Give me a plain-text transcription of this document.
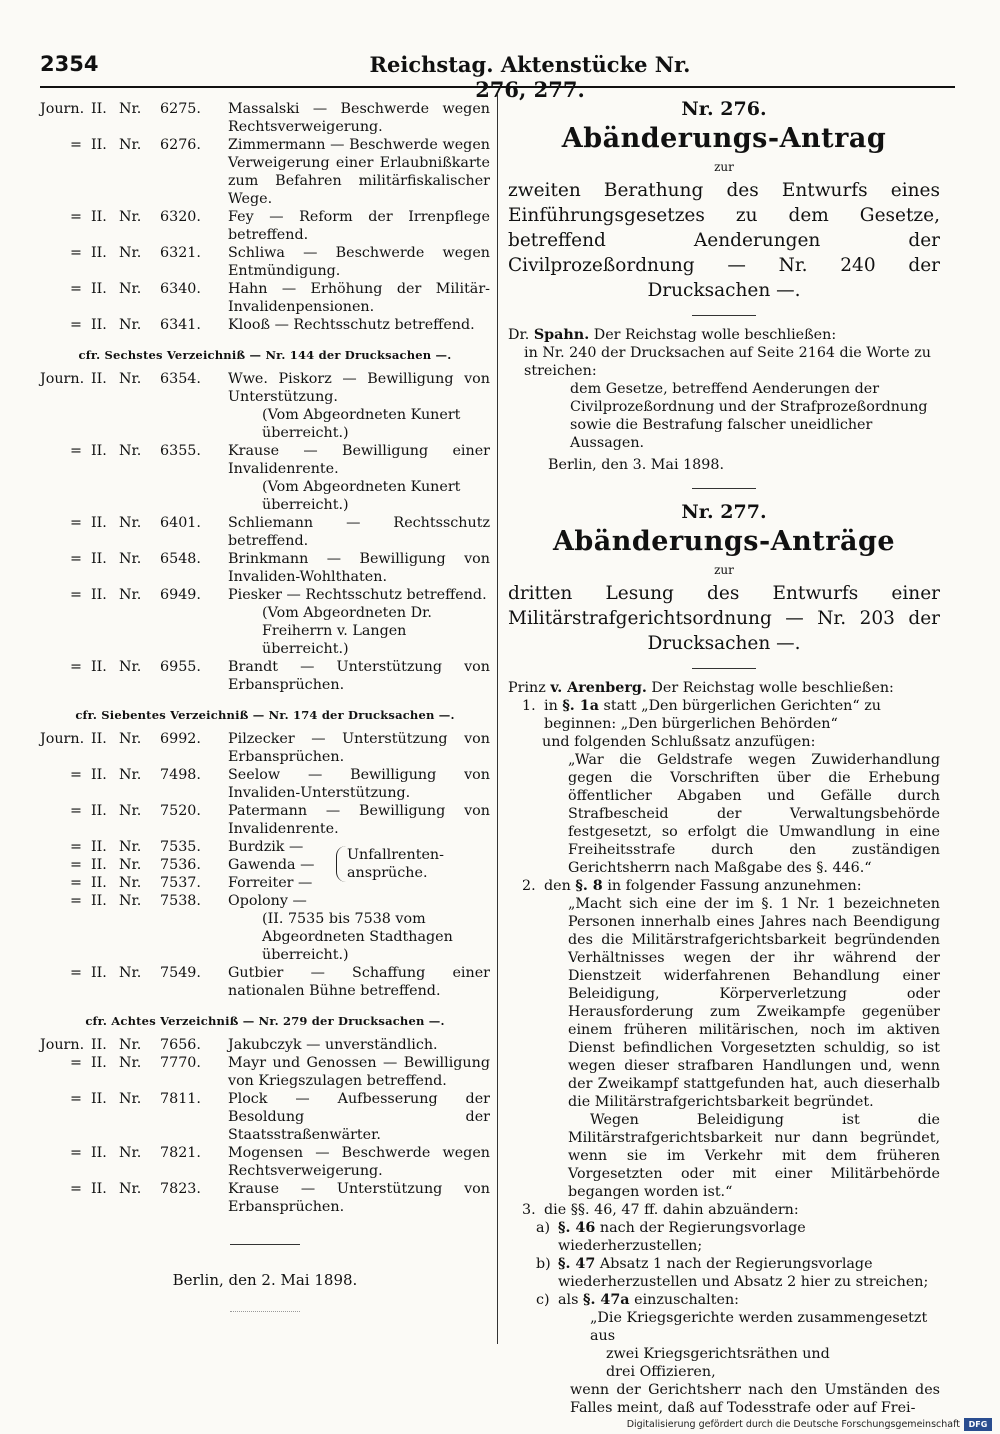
2354	Reichstag. Aktenstücke Nr. 276, 277.
Journ. II. Nr.	6275.	Massalski — Beschwerde wegen Rechtsverweigerung.
= II. Nr.	6276.	Zimmermann — Beschwerde wegen Verweigerung einer Erlaubnißkarte zum Befahren militärfiskalischer Wege.
= II. Nr.	6320.	Fey — Reform der Irrenpflege betreffend.
= II. Nr.	6321.	Schliwa — Beschwerde wegen Entmündigung.
= II. Nr.	6340.	Hahn — Erhöhung der Militär-Invalidenpensionen.
= II. Nr.	6341.	Klooß — Rechtsschutz betreffend.
cfr. Sechstes Verzeichniß — Nr. 144 der Drucksachen —.
Journ. II. Nr.	6354.	Wwe. Piskorz — Bewilligung von Unterstützung.
(Vom Abgeordneten Kunert überreicht.)
= II. Nr.	6355.	Krause — Bewilligung einer Invalidenrente.
(Vom Abgeordneten Kunert überreicht.)
= II. Nr.	6401.	Schliemann — Rechtsschutz betreffend.
= II. Nr.	6548.	Brinkmann — Bewilligung von Invaliden-Wohlthaten.
= II. Nr.	6949.	Piesker — Rechtsschutz betreffend.
(Vom Abgeordneten Dr. Freiherrn v. Langen überreicht.)
= II. Nr.	6955.	Brandt — Unterstützung von Erbansprüchen.
cfr. Siebentes Verzeichniß — Nr. 174 der Drucksachen —.
Journ. II. Nr.	6992.	Pilzecker — Unterstützung von Erbansprüchen.
= II. Nr.	7498.	Seelow — Bewilligung von Invaliden-Unterstützung.
= II. Nr.	7520.	Patermann — Bewilligung von Invalidenrente.
= II. Nr.	7535.	Burdzik —
= II. Nr.	7536.	Gawenda —
= II. Nr.	7537.	Forreiter —
= II. Nr.	7538.	Opolony —
Unfallrenten-ansprüche.
(II. 7535 bis 7538 vom Abgeordneten Stadthagen überreicht.)
= II. Nr.	7549.	Gutbier — Schaffung einer nationalen Bühne betreffend.
cfr. Achtes Verzeichniß — Nr. 279 der Drucksachen —.
Journ. II. Nr.	7656.	Jakubczyk — unverständlich.
= II. Nr.	7770.	Mayr und Genossen — Bewilligung von Kriegszulagen betreffend.
= II. Nr.	7811.	Plock — Aufbesserung der Besoldung der Staatsstraßenwärter.
= II. Nr.	7821.	Mogensen — Beschwerde wegen Rechtsverweigerung.
= II. Nr.	7823.	Krause — Unterstützung von Erbansprüchen.
Berlin, den 2. Mai 1898.
Nr. 276.
Abänderungs-Antrag
zur
zweiten Berathung des Entwurfs eines Einführungsgesetzes zu dem Gesetze, betreffend Aenderungen der Civilprozeßordnung — Nr. 240 der Drucksachen —.
Dr. Spahn. Der Reichstag wolle beschließen:
in Nr. 240 der Drucksachen auf Seite 2164 die Worte zu streichen:
dem Gesetze, betreffend Aenderungen der Civilprozeßordnung und der Strafprozeßordnung sowie die Bestrafung falscher uneidlicher Aussagen.
Berlin, den 3. Mai 1898.
Nr. 277.
Abänderungs-Anträge
zur
dritten Lesung des Entwurfs einer Militärstrafgerichtsordnung — Nr. 203 der Drucksachen —.
Prinz v. Arenberg. Der Reichstag wolle beschließen:
1. in §. 1a statt „Den bürgerlichen Gerichten“ zu beginnen: „Den bürgerlichen Behörden“
und folgenden Schlußsatz anzufügen:

„War die Geldstrafe wegen Zuwiderhandlung gegen die Vorschriften über die Erhebung öffentlicher Abgaben und Gefälle durch Strafbescheid der Verwaltungsbehörde festgesetzt, so erfolgt die Umwandlung in eine Freiheitsstrafe durch den zuständigen Gerichtsherrn nach Maßgabe des §. 446.“

2. den §. 8 in folgender Fassung anzunehmen:

„Macht sich eine der im §. 1 Nr. 1 bezeichneten Personen innerhalb eines Jahres nach Beendigung des die Militärstrafgerichtsbarkeit begründenden Verhältnisses wegen der ihr während der Dienstzeit widerfahrenen Behandlung einer Beleidigung, Körperverletzung oder Herausforderung zum Zweikampfe gegenüber einem früheren militärischen, noch im aktiven Dienst befindlichen Vorgesetzten schuldig, so ist wegen dieser strafbaren Handlungen und, wenn der Zweikampf stattgefunden hat, auch dieserhalb die Militärstrafgerichtsbarkeit begründet.

Wegen Beleidigung ist die Militärstrafgerichtsbarkeit nur dann begründet, wenn sie im Verkehr mit dem früheren Vorgesetzten oder mit einer Militärbehörde begangen worden ist.“

3. die §§. 46, 47 ff. dahin abzuändern:
a) §. 46 nach der Regierungsvorlage wiederherzustellen;
b) §. 47 Absatz 1 nach der Regierungsvorlage wiederherzustellen und Absatz 2 hier zu streichen;
c) als §. 47a einzuschalten:
„Die Kriegsgerichte werden zusammengesetzt aus
zwei Kriegsgerichtsräthen und
drei Offizieren,
wenn der Gerichtsherr nach den Umständen des Falles meint, daß auf Todesstrafe oder auf Frei-
Digitalisierung gefördert durch die Deutsche Forschungsgemeinschaft	DFG
